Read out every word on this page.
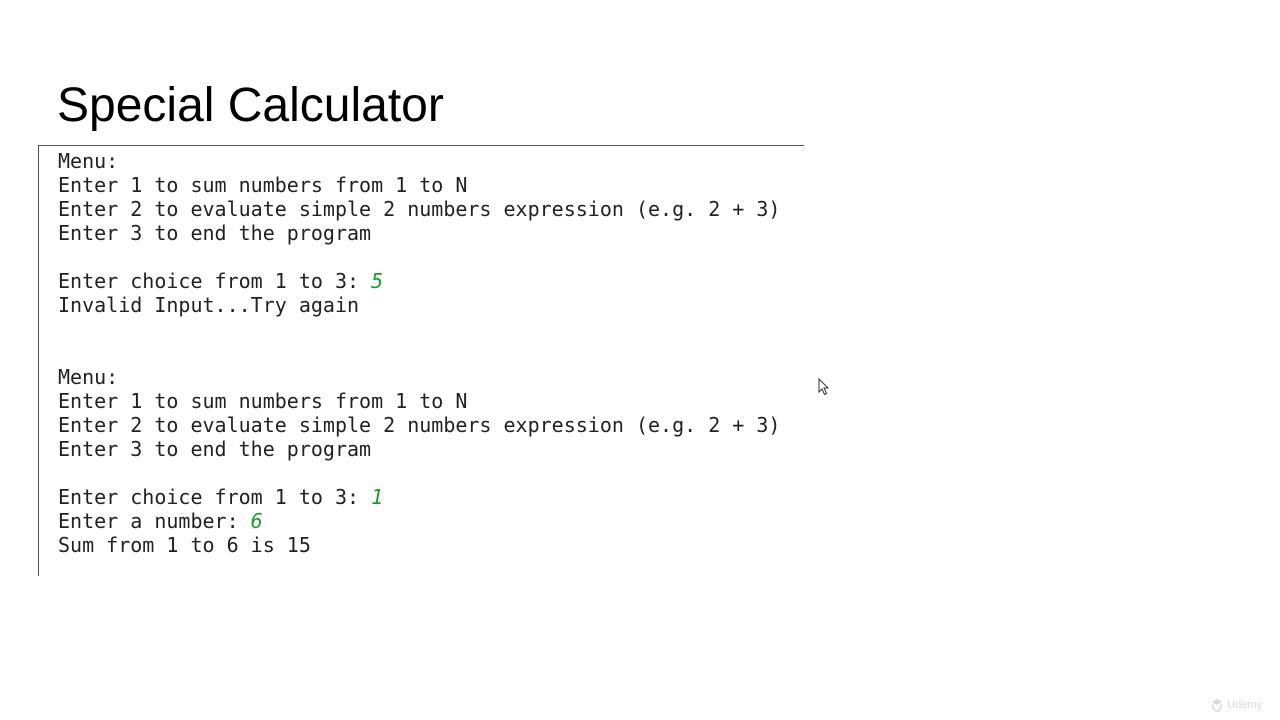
Special Calculator
Menu:
Enter 1 to sum numbers from 1 to N
Enter 2 to evaluate simple 2 numbers expression (e.g. 2 + 3)
Enter 3 to end the program
Enter choice from 1 to 3: 5
Invalid Input...Try again
Menu:
Enter 1 to sum numbers from 1 to N
Enter 2 to evaluate simple 2 numbers expression (e.g. 2 + 3)
Enter 3 to end the program
Enter choice from 1 to 3: 1
Enter a number: 6
Sum from 1 to 6 is 15
Udemy
